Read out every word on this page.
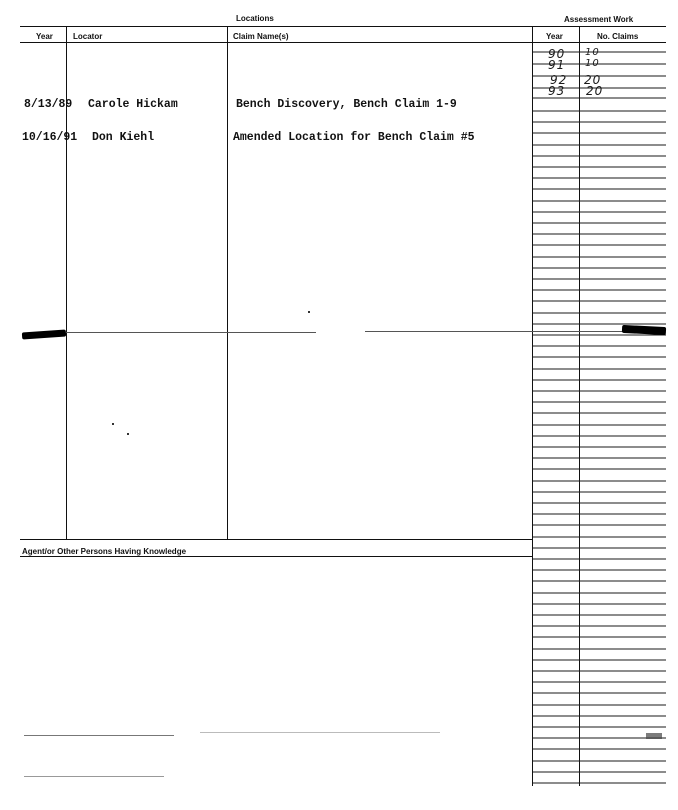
Locations	Assessment Work
Year	Locator	Claim Name(s)	Year	No. Claims
Agent/or Other Persons Having Knowledge
8/13/89 Carole Hickam	Bench Discovery, Bench Claim 1-9
10/16/91 Don Kiehl	Amended Location for Bench Claim #5
90 10
91 10
92 20
93 20
